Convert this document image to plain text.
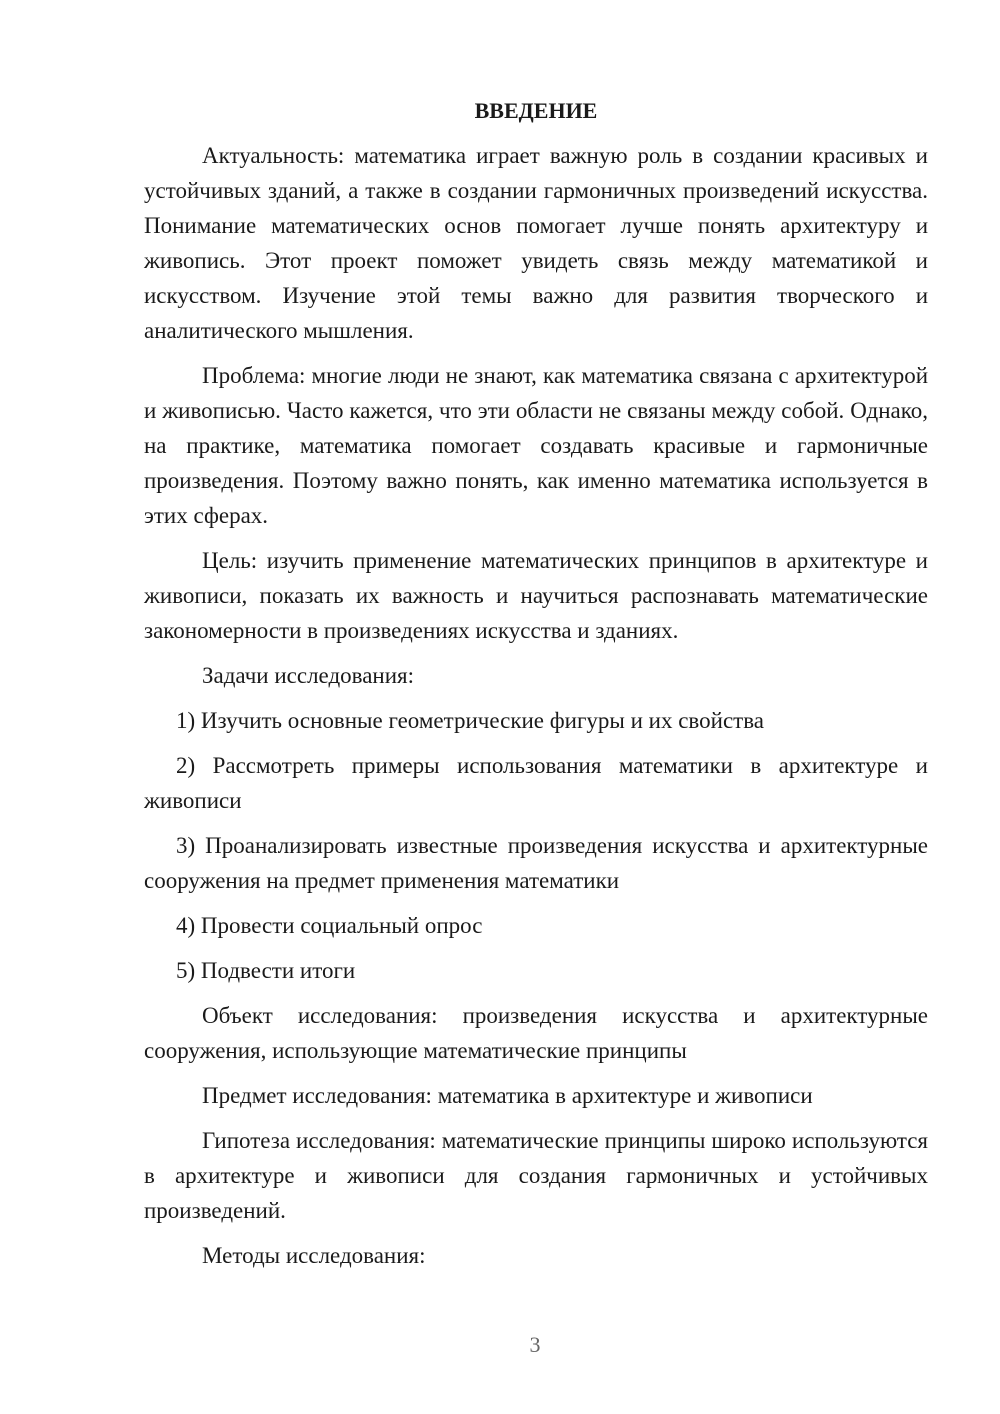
ВВЕДЕНИЕ

Актуальность: математика играет важную роль в создании красивых и устойчивых зданий, а также в создании гармоничных произведений искусства. Понимание математических основ помогает лучше понять архитектуру и живопись. Этот проект поможет увидеть связь между математикой и искусством. Изучение этой темы важно для развития творческого и аналитического мышления.

Проблема: многие люди не знают, как математика связана с архитектурой и живописью. Часто кажется, что эти области не связаны между собой. Однако, на практике, математика помогает создавать красивые и гармоничные произведения. Поэтому важно понять, как именно математика используется в этих сферах.

Цель: изучить применение математических принципов в архитектуре и живописи, показать их важность и научиться распознавать математические закономерности в произведениях искусства и зданиях.

Задачи исследования:

1) Изучить основные геометрические фигуры и их свойства

2) Рассмотреть примеры использования математики в архитектуре и живописи

3) Проанализировать известные произведения искусства и архитектурные сооружения на предмет применения математики

4) Провести социальный опрос

5) Подвести итоги

Объект исследования: произведения искусства и архитектурные сооружения, использующие математические принципы

Предмет исследования: математика в архитектуре и живописи

Гипотеза исследования: математические принципы широко используются в архитектуре и живописи для создания гармоничных и устойчивых произведений.

Методы исследования:

3
